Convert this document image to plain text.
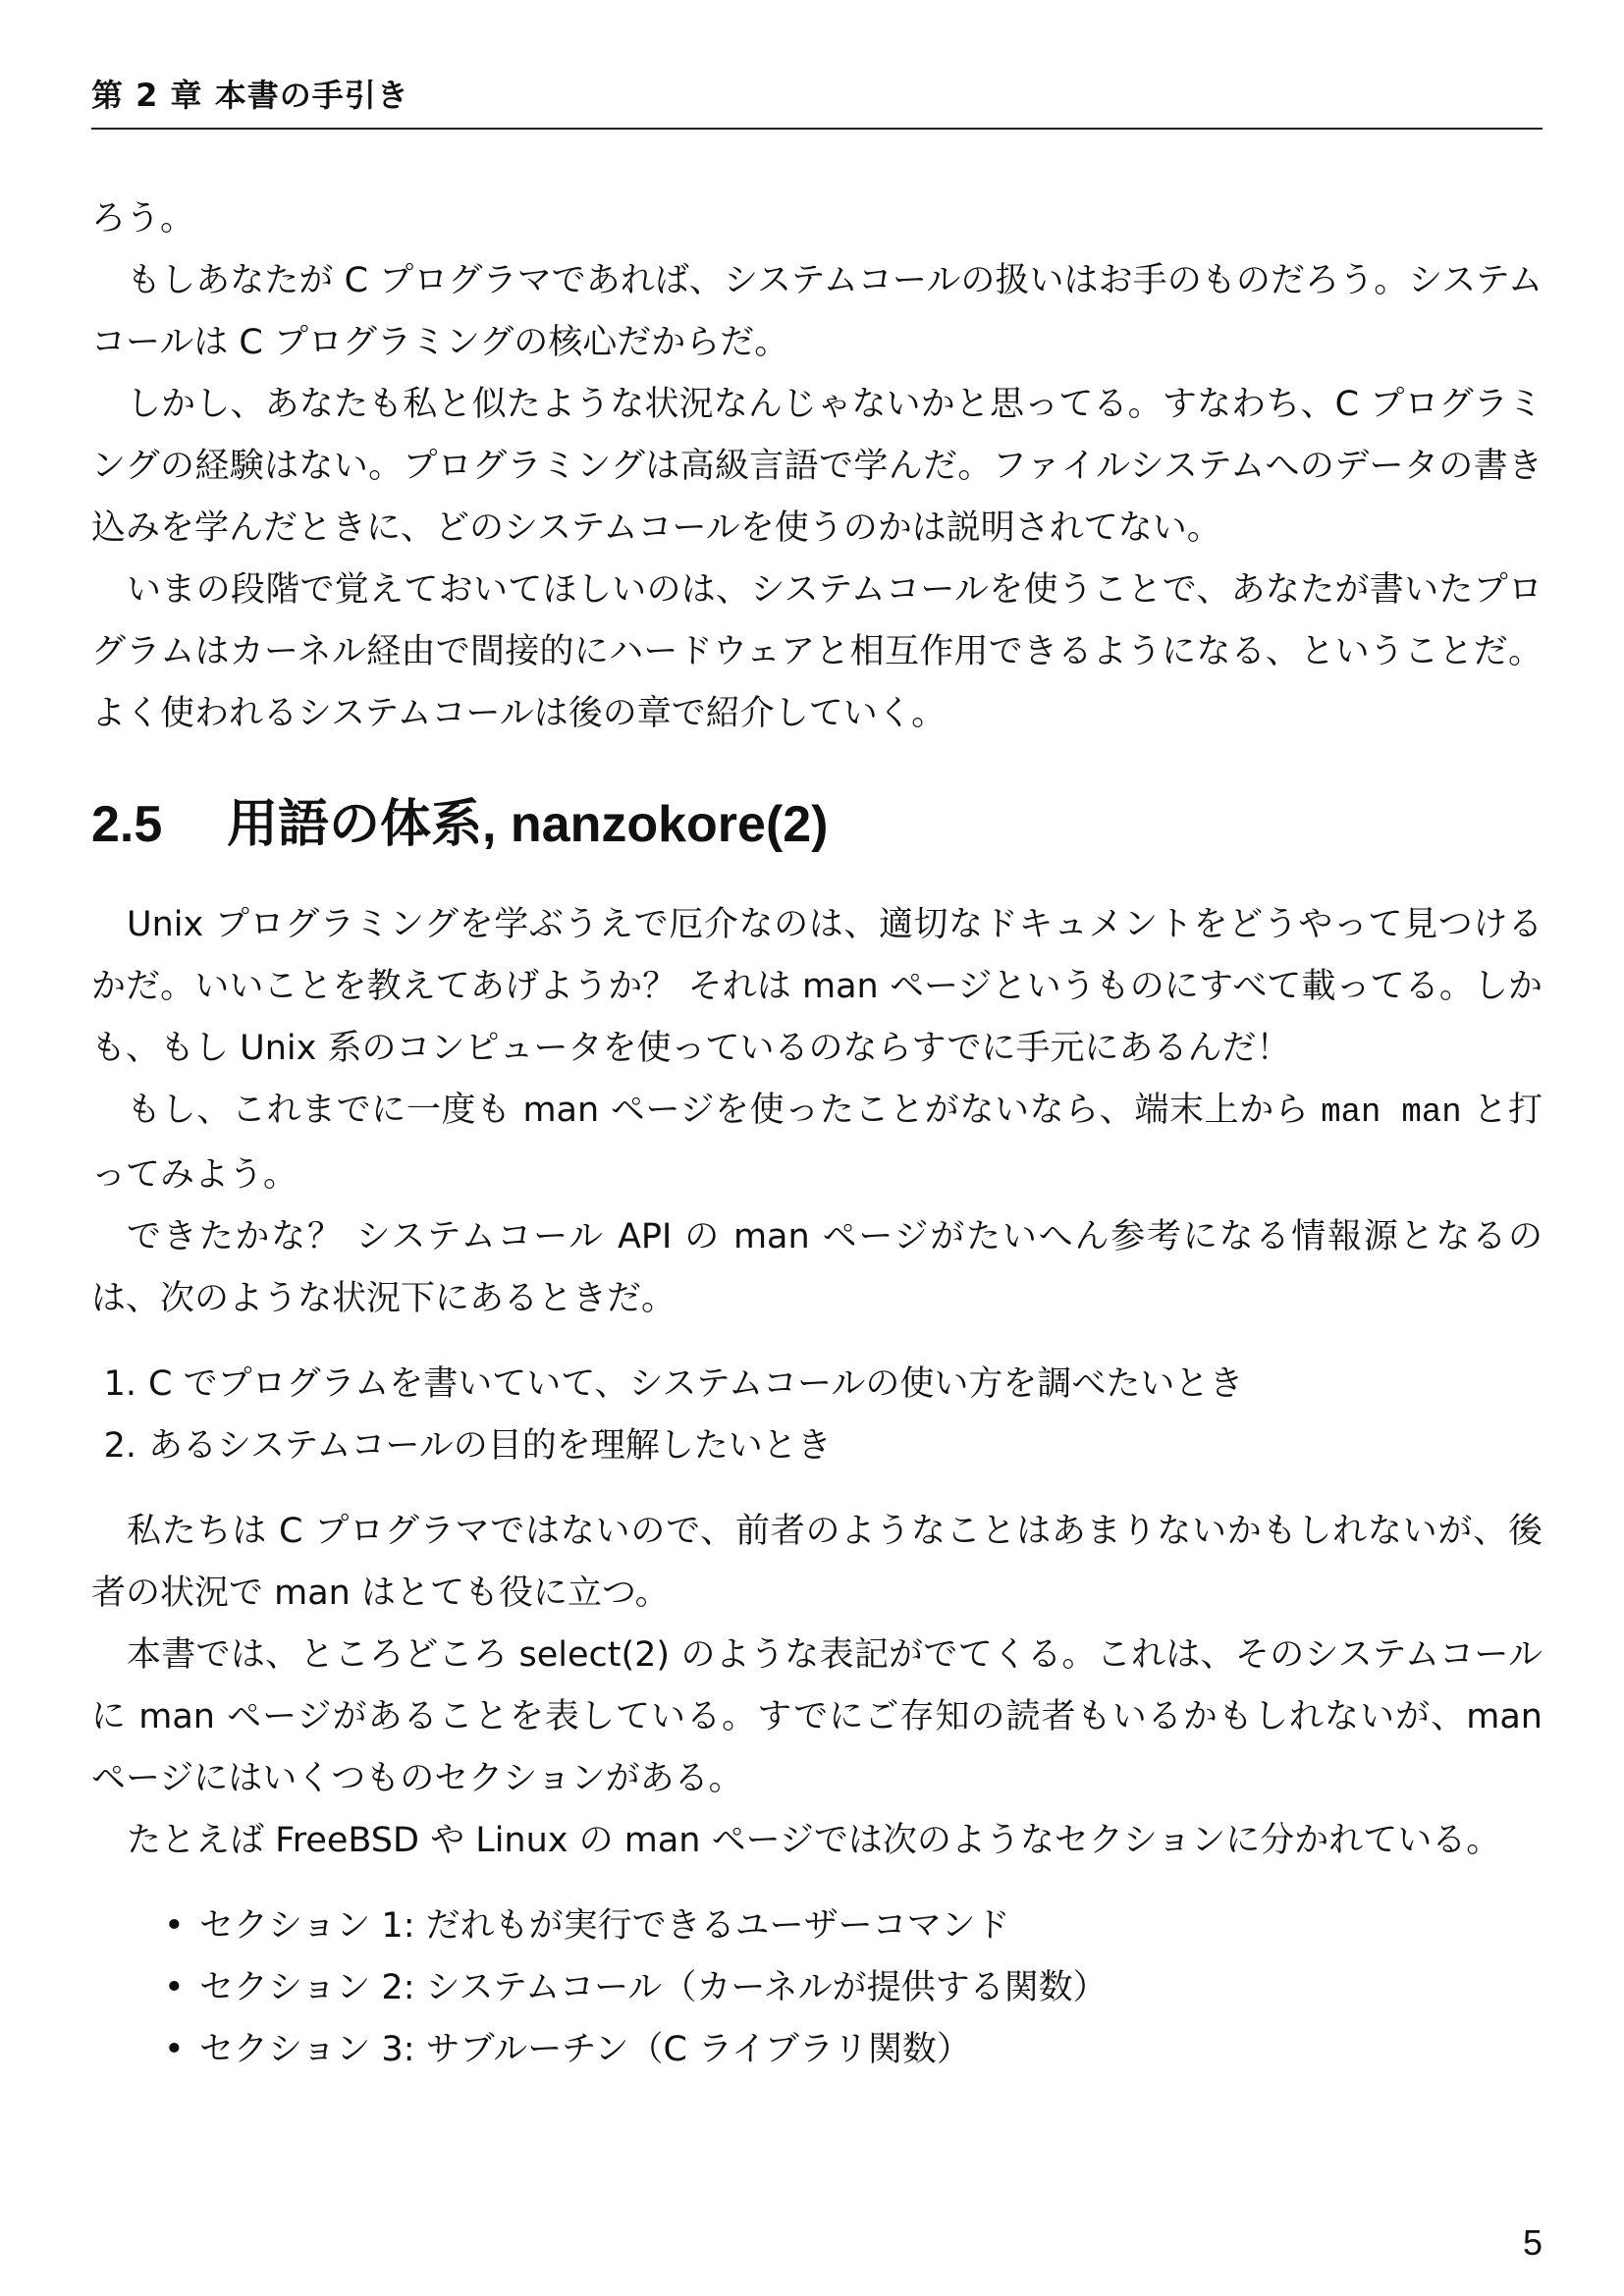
第 2 章 本書の手引き

ろう。

もしあなたが C プログラマであれば、システムコールの扱いはお手のものだろう。システムコールは C プログラミングの核心だからだ。

しかし、あなたも私と似たような状況なんじゃないかと思ってる。すなわち、C プログラミングの経験はない。プログラミングは高級言語で学んだ。ファイルシステムへのデータの書き込みを学んだときに、どのシステムコールを使うのかは説明されてない。

いまの段階で覚えておいてほしいのは、システムコールを使うことで、あなたが書いたプログラムはカーネル経由で間接的にハードウェアと相互作用できるようになる、ということだ。よく使われるシステムコールは後の章で紹介していく。

2.5 用語の体系, nanzokore(2)

Unix プログラミングを学ぶうえで厄介なのは、適切なドキュメントをどうやって見つけるかだ。いいことを教えてあげようか？ それは man ページというものにすべて載ってる。しかも、もし Unix 系のコンピュータを使っているのならすでに手元にあるんだ！

もし、これまでに一度も man ページを使ったことがないなら、端末上から man man と打ってみよう。

できたかな？ システムコール API の man ページがたいへん参考になる情報源となるのは、次のような状況下にあるときだ。

1. C でプログラムを書いていて、システムコールの使い方を調べたいとき
2. あるシステムコールの目的を理解したいとき

私たちは C プログラマではないので、前者のようなことはあまりないかもしれないが、後者の状況で man はとても役に立つ。

本書では、ところどころ select(2) のような表記がでてくる。これは、そのシステムコールに man ページがあることを表している。すでにご存知の読者もいるかもしれないが、man ページにはいくつものセクションがある。

たとえば FreeBSD や Linux の man ページでは次のようなセクションに分かれている。

• セクション 1: だれもが実行できるユーザーコマンド
• セクション 2: システムコール（カーネルが提供する関数）
• セクション 3: サブルーチン（C ライブラリ関数）
5
